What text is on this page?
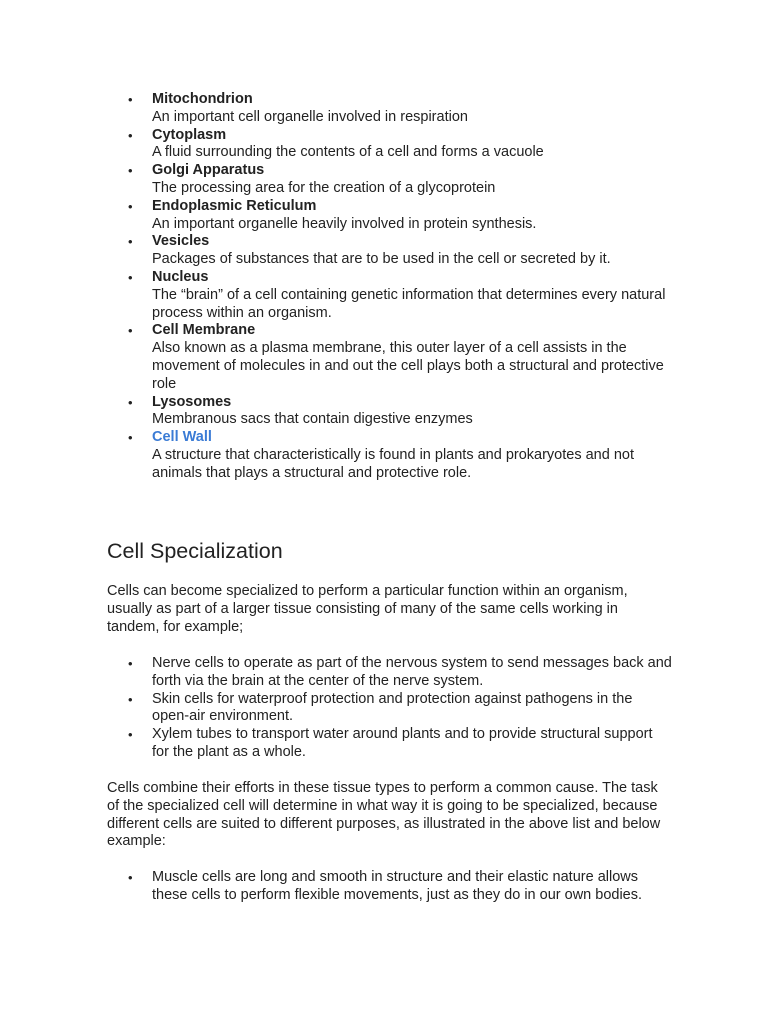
• Mitochondrion
An important cell organelle involved in respiration
• Cytoplasm
A fluid surrounding the contents of a cell and forms a vacuole
• Golgi Apparatus
The processing area for the creation of a glycoprotein
• Endoplasmic Reticulum
An important organelle heavily involved in protein synthesis.
• Vesicles
Packages of substances that are to be used in the cell or secreted by it.
• Nucleus
The “brain” of a cell containing genetic information that determines every natural process within an organism.
• Cell Membrane
Also known as a plasma membrane, this outer layer of a cell assists in the movement of molecules in and out the cell plays both a structural and protective role
• Lysosomes
Membranous sacs that contain digestive enzymes
• Cell Wall
A structure that characteristically is found in plants and prokaryotes and not animals that plays a structural and protective role.
Cell Specialization

Cells can become specialized to perform a particular function within an organism, usually as part of a larger tissue consisting of many of the same cells working in tandem, for example;

• Nerve cells to operate as part of the nervous system to send messages back and forth via the brain at the center of the nerve system.
• Skin cells for waterproof protection and protection against pathogens in the open-air environment.
• Xylem tubes to transport water around plants and to provide structural support for the plant as a whole.

Cells combine their efforts in these tissue types to perform a common cause. The task of the specialized cell will determine in what way it is going to be specialized, because different cells are suited to different purposes, as illustrated in the above list and below example:

• Muscle cells are long and smooth in structure and their elastic nature allows these cells to perform flexible movements, just as they do in our own bodies.
